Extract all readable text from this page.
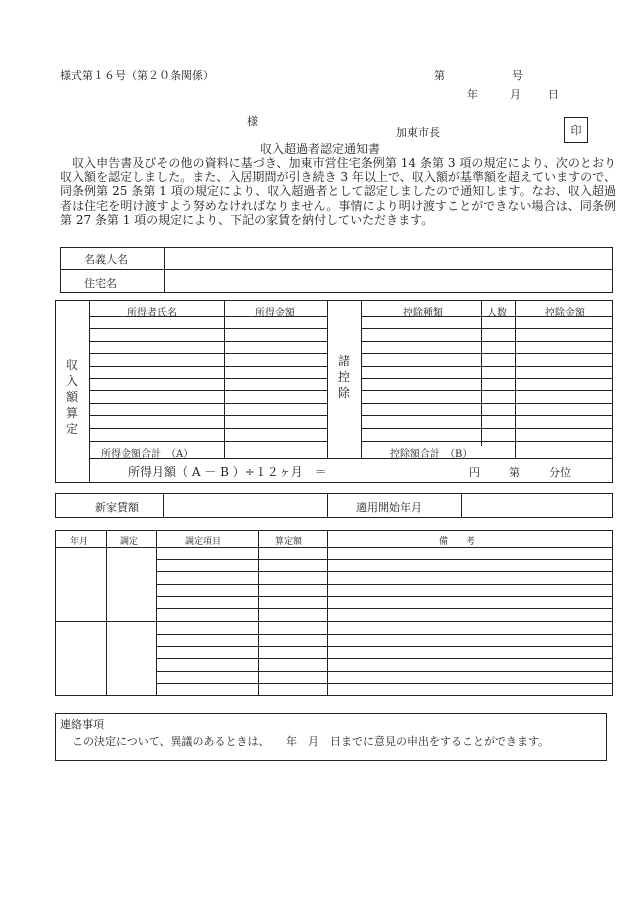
様式第１６号（第２０条関係）	第	号
年	月 日
様
加東市長	印
収入超過者認定通知書
収入申告書及びその他の資料に基づき、加東市営住宅条例第 14 条第 3 項の規定により、次のとおり収入額を認定しました。また、入居期間が引き続き 3 年以上で、収入額が基準額を超えていますので、同条例第 25 条第 1 項の規定により、収入超過者として認定しましたので通知します。なお、収入超過者は住宅を明け渡すよう努めなければなりません。事情により明け渡すことができない場合は、同条例第 27 条第 1 項の規定により、下記の家賃を納付していただきます。
名義人名
住宅名
収入額算定
諸控除
所得者氏名	所得金額	控除種類	人数	控除金額
所得金額合計　（A）	控除額合計　（B）
所得月額（ A － B ）÷１２ヶ月　＝	円	第	分位
新家賃額	適用開始年月
年月	調定	調定項目	算定額	備　　考
連絡事項
この決定について、異議のあるときは、　　年　月　日までに意見の申出をすることができます。
